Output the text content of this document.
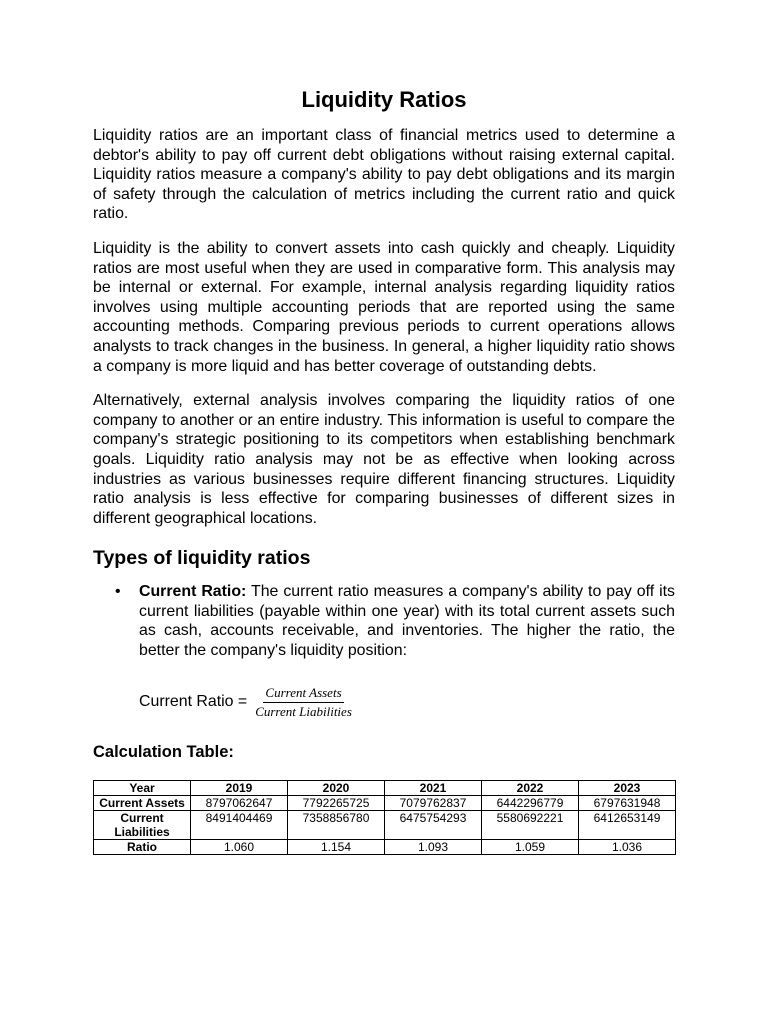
Liquidity Ratios

Liquidity ratios are an important class of financial metrics used to determine a debtor's ability to pay off current debt obligations without raising external capital. Liquidity ratios measure a company's ability to pay debt obligations and its margin of safety through the calculation of metrics including the current ratio and quick ratio.

Liquidity is the ability to convert assets into cash quickly and cheaply. Liquidity ratios are most useful when they are used in comparative form. This analysis may be internal or external. For example, internal analysis regarding liquidity ratios involves using multiple accounting periods that are reported using the same accounting methods. Comparing previous periods to current operations allows analysts to track changes in the business. In general, a higher liquidity ratio shows a company is more liquid and has better coverage of outstanding debts.

Alternatively, external analysis involves comparing the liquidity ratios of one company to another or an entire industry. This information is useful to compare the company's strategic positioning to its competitors when establishing benchmark goals. Liquidity ratio analysis may not be as effective when looking across industries as various businesses require different financing structures. Liquidity ratio analysis is less effective for comparing businesses of different sizes in different geographical locations.

Types of liquidity ratios
• Current Ratio: The current ratio measures a company's ability to pay off its current liabilities (payable within one year) with its total current assets such as cash, accounts receivable, and inventories. The higher the ratio, the better the company's liquidity position:
Current Ratio = $\frac{\text{Current Assets}}{\text{Current Liabilities}}$
Calculation Table:
Year	2019	2020	2021	2022	2023
Current Assets	8797062647	7792265725	7079762837	6442296779	6797631948
Current Liabilities	8491404469	7358856780	6475754293	5580692221	6412653149
Ratio	1.060	1.154	1.093	1.059	1.036
